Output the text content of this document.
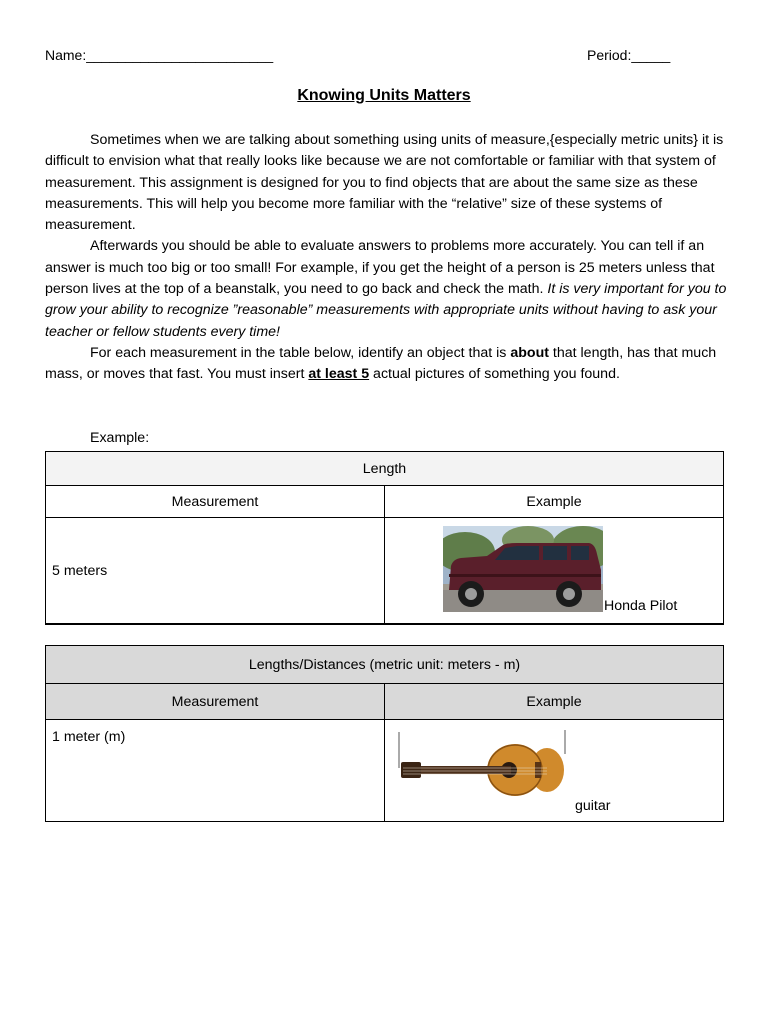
Name:________________________	Period:_____
Knowing Units Matters

Sometimes when we are talking about something using units of measure,{especially metric units} it is difficult to envision what that really looks like because we are not comfortable or familiar with that system of measurement. This assignment is designed for you to find objects that are about the same size as these measurements. This will help you become more familiar with the “relative” size of these systems of measurement.

Afterwards you should be able to evaluate answers to problems more accurately. You can tell if an answer is much too big or too small! For example, if you get the height of a person is 25 meters unless that person lives at the top of a beanstalk, you need to go back and check the math. It is very important for you to grow your ability to recognize ”reasonable” measurements with appropriate units without having to ask your teacher or fellow students every time!

For each measurement in the table below, identify an object that is about that length, has that much mass, or moves that fast. You must insert at least 5 actual pictures of something you found.

Example:
Length	
Measurement	Example

5 meters	Honda Pilot
Lengths/Distances (metric unit: meters - m)	
Measurement	Example

1 meter (m)	guitar
